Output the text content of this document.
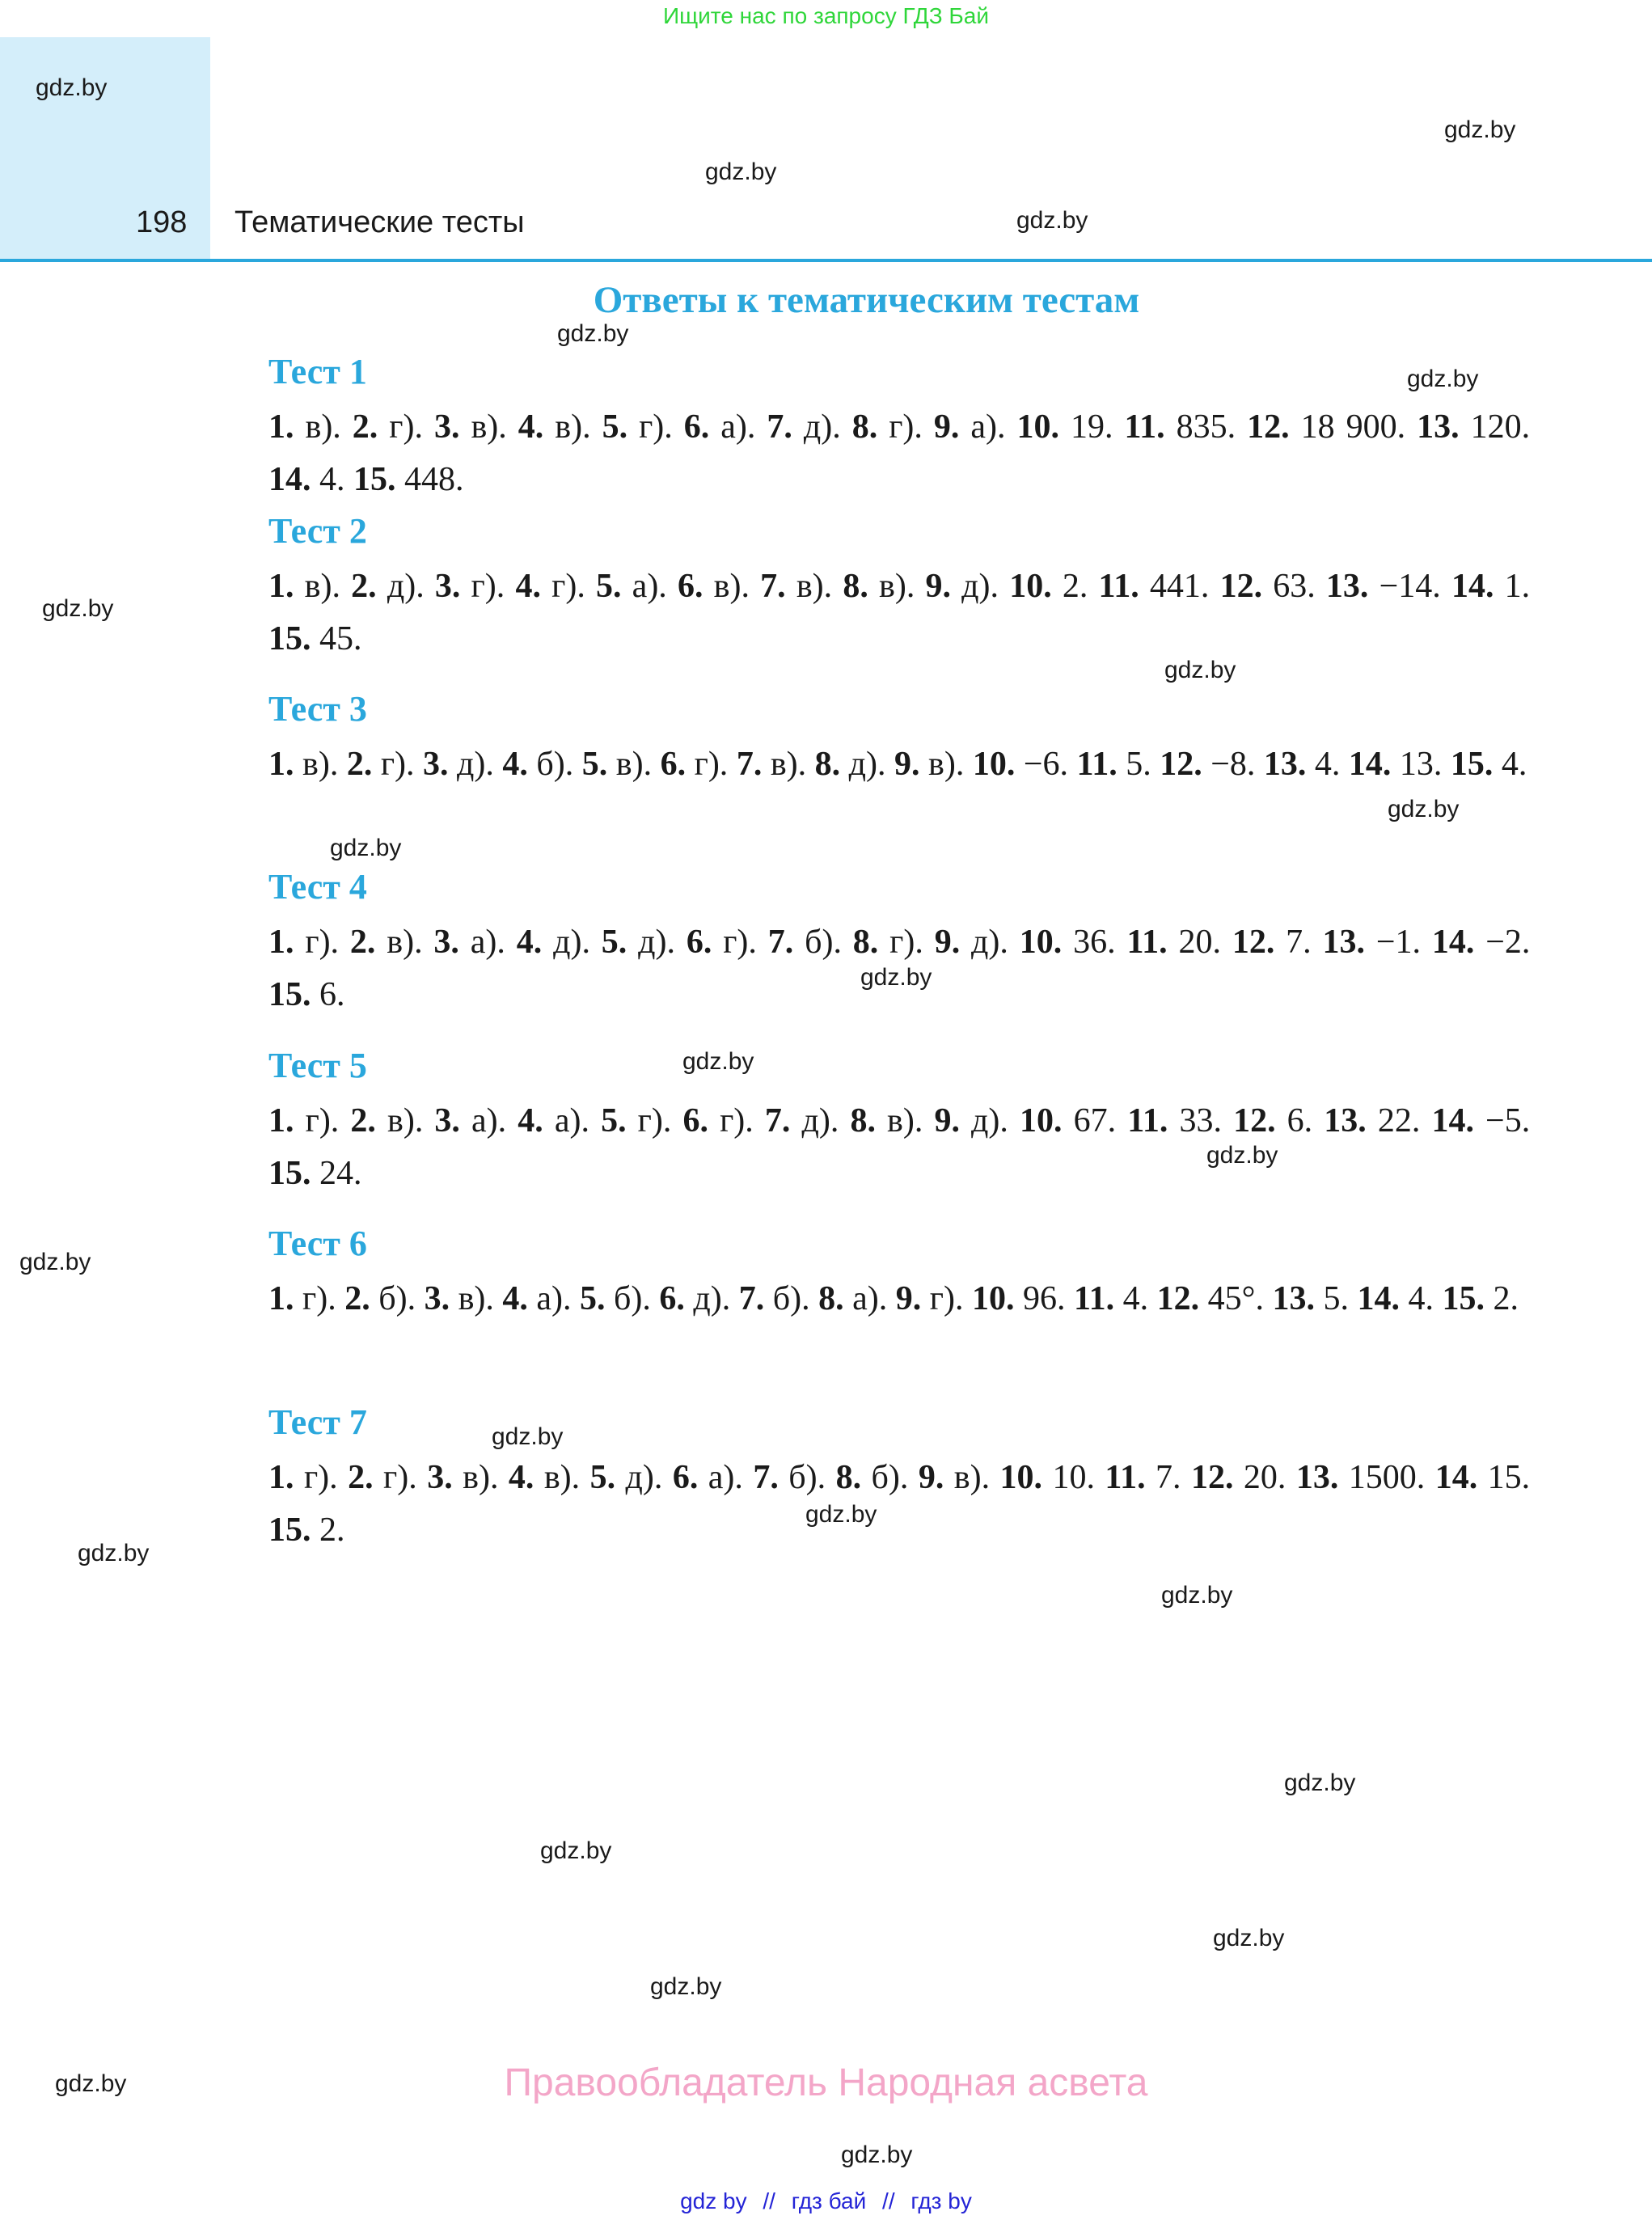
Ищите нас по запросу ГДЗ Бай
198 Тематические тесты
Ответы к тематическим тестам
Тест 1
1. в). 2. г). 3. в). 4. в). 5. г). 6. а). 7. д). 8. г). 9. а). 10. 19. 11. 835. 12. 18 900. 13. 120. 14. 4. 15. 448.
Тест 2
1. в). 2. д). 3. г). 4. г). 5. а). 6. в). 7. в). 8. в). 9. д). 10. 2. 11. 441. 12. 63. 13. −14. 14. 1. 15. 45.
Тест 3
1. в). 2. г). 3. д). 4. б). 5. в). 6. г). 7. в). 8. д). 9. в). 10. −6. 11. 5. 12. −8. 13. 4. 14. 13. 15. 4.
Тест 4
1. г). 2. в). 3. а). 4. д). 5. д). 6. г). 7. б). 8. г). 9. д). 10. 36. 11. 20. 12. 7. 13. −1. 14. −2. 15. 6.
Тест 5
1. г). 2. в). 3. а). 4. а). 5. г). 6. г). 7. д). 8. в). 9. д). 10. 67. 11. 33. 12. 6. 13. 22. 14. −5. 15. 24.
Тест 6
1. г). 2. б). 3. в). 4. а). 5. б). 6. д). 7. б). 8. а). 9. г). 10. 96. 11. 4. 12. 45°. 13. 5. 14. 4. 15. 2.
Тест 7
1. г). 2. г). 3. в). 4. в). 5. д). 6. а). 7. б). 8. б). 9. в). 10. 10. 11. 7. 12. 20. 13. 1500. 14. 15. 15. 2.
gdz.by
gdz.by
gdz.by
gdz.by
gdz.by
gdz.by
gdz.by
gdz.by
gdz.by
gdz.by
gdz.by
gdz.by
gdz.by
gdz.by
gdz.by
gdz.by
gdz.by
gdz.by
gdz.by
gdz.by
gdz.by
gdz.by
gdz.by
gdz.by
Правообладатель Народная асвета
gdz by // гдз бай // гдз by
